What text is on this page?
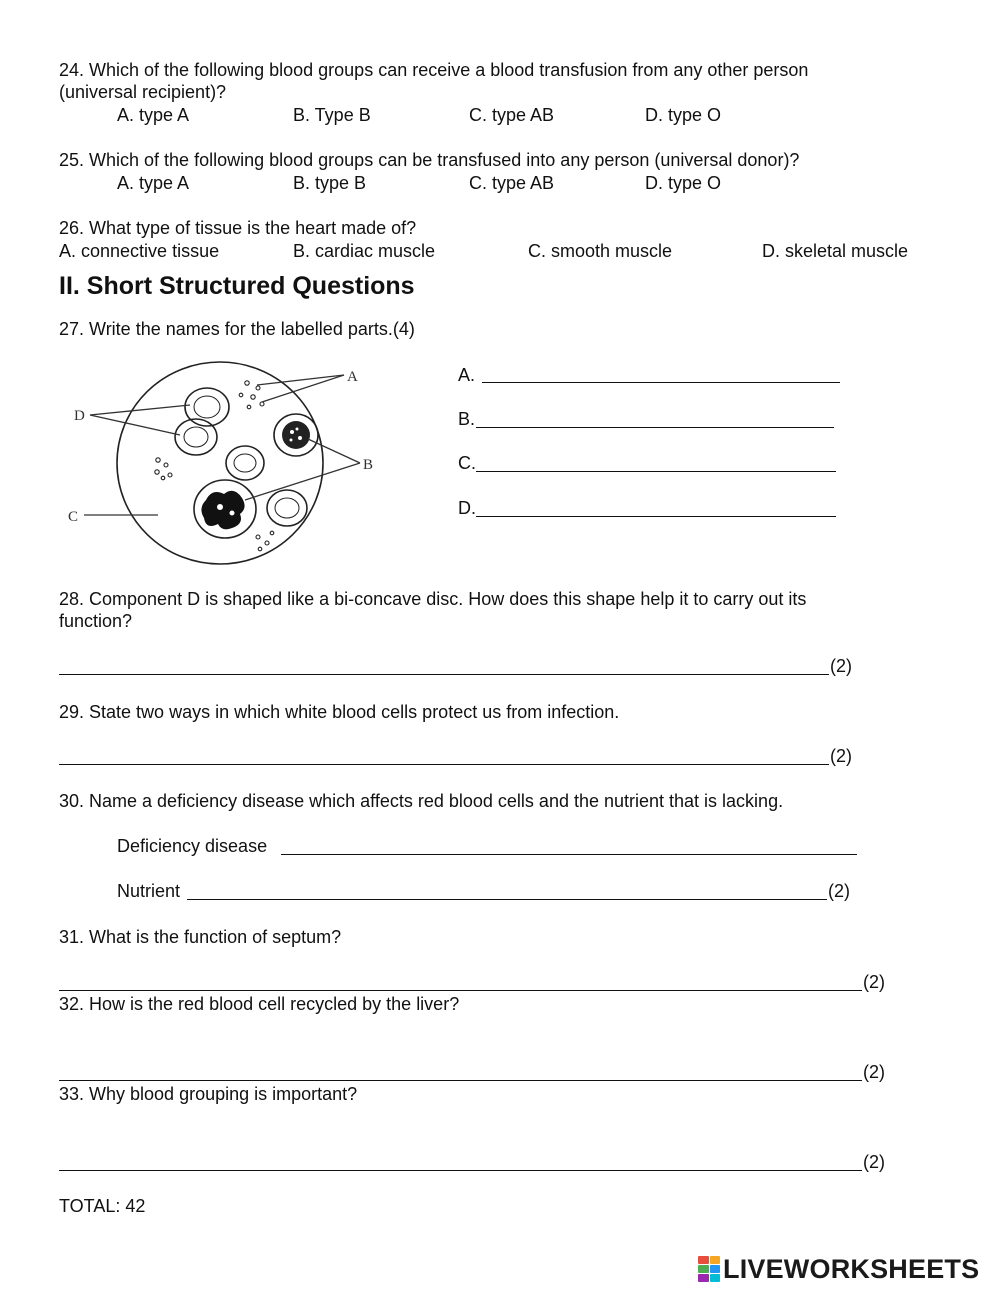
24. Which of the following blood groups can receive a blood transfusion from any other person
(universal recipient)?
A. type A	B. Type B	C. type AB	D. type O
25. Which of the following blood groups can be transfused into any person (universal donor)?
A. type A	B. type B	C. type AB	D. type O
26. What type of tissue is the heart made of?
A. connective tissue	B. cardiac muscle	C. smooth muscle	D. skeletal muscle
II. Short Structured Questions
27. Write the names for the labelled parts.(4)
A
B
C
D
A.
B.
C.
D.
28. Component D is shaped like a bi-concave disc. How does this shape help it to carry out its
function?
(2)
29. State two ways in which white blood cells protect us from infection.
(2)
30. Name a deficiency disease which affects red blood cells and the nutrient that is lacking.
Deficiency disease
Nutrient	(2)
31. What is the function of septum?
(2)
32. How is the red blood cell recycled by the liver?
(2)
33. Why blood grouping is important?
(2)
TOTAL: 42
LIVEWORKSHEETS
